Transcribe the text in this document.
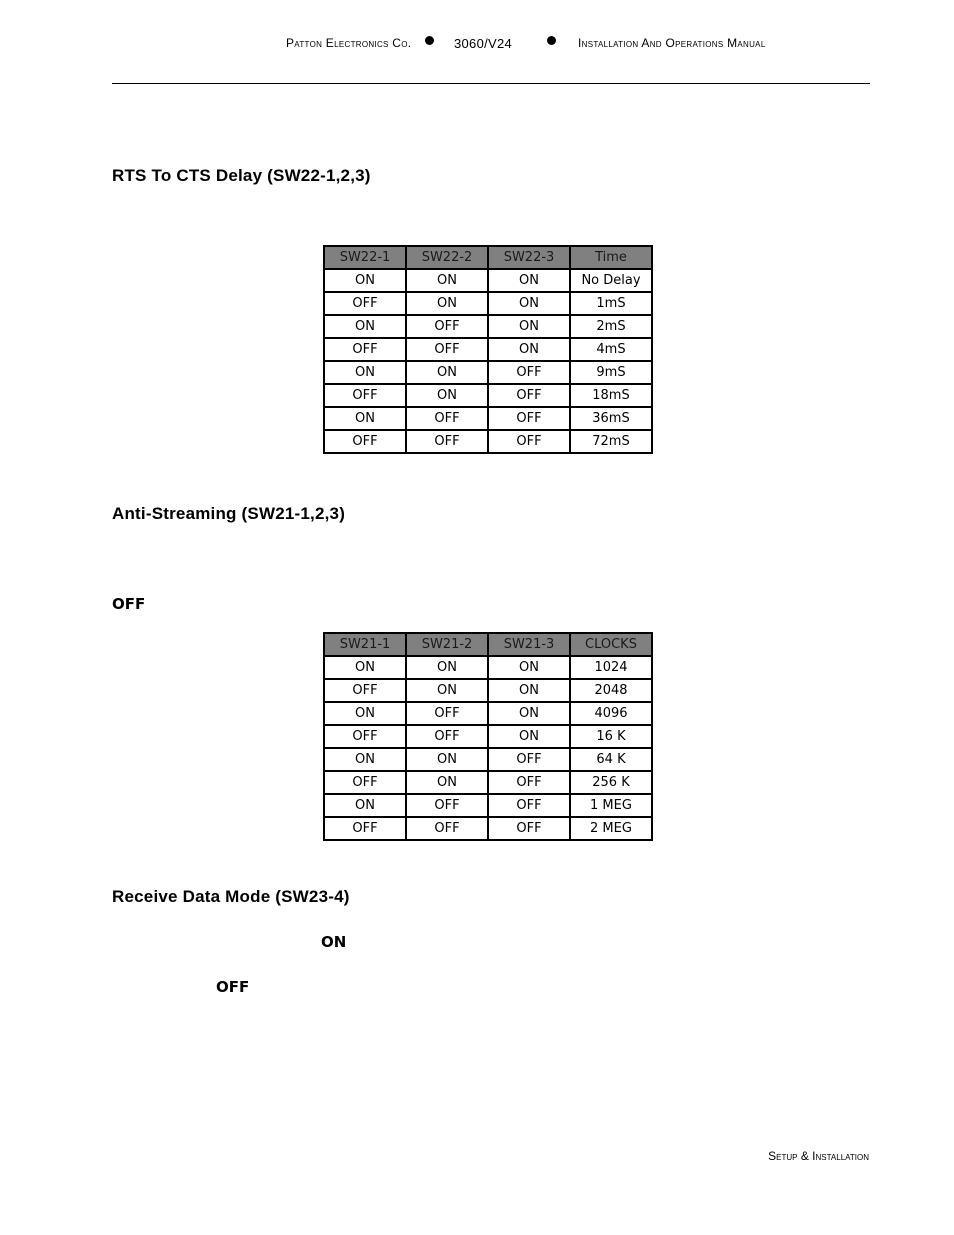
Patton Electronics Co.	3060/V24	Installation And Operations Manual
RTS To CTS Delay (SW22-1,2,3)
SW22-1	SW22-2	SW22-3	Time
ON	ON	ON	No Delay
OFF	ON	ON	1mS
ON	OFF	ON	2mS
OFF	OFF	ON	4mS
ON	ON	OFF	9mS
OFF	ON	OFF	18mS
ON	OFF	OFF	36mS
OFF	OFF	OFF	72mS
Anti-Streaming (SW21-1,2,3)
OFF
SW21-1	SW21-2	SW21-3	CLOCKS
ON	ON	ON	1024
OFF	ON	ON	2048
ON	OFF	ON	4096
OFF	OFF	ON	16 K
ON	ON	OFF	64 K
OFF	ON	OFF	256 K
ON	OFF	OFF	1 MEG
OFF	OFF	OFF	2 MEG
Receive Data Mode (SW23-4)
ON
OFF
Setup & Installation
